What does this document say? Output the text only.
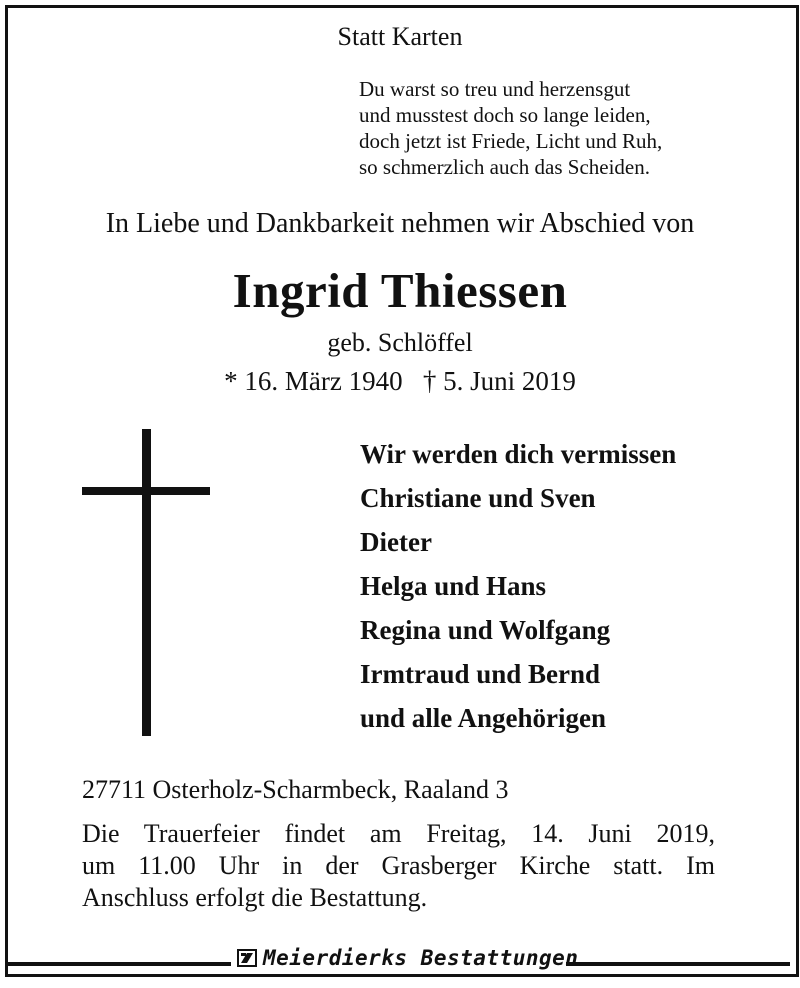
Statt Karten
Du warst so treu und herzensgut
und musstest doch so lange leiden,
doch jetzt ist Friede, Licht und Ruh,
so schmerzlich auch das Scheiden.
In Liebe und Dankbarkeit nehmen wir Abschied von
Ingrid Thiessen
geb. Schlöffel
* 16. März 1940 † 5. Juni 2019
Wir werden dich vermissen
Christiane und Sven
Dieter
Helga und Hans
Regina und Wolfgang
Irmtraud und Bernd
und alle Angehörigen
27711 Osterholz-Scharmbeck, Raaland 3
Die Trauerfeier findet am Freitag, 14. Juni 2019,
um 11.00 Uhr in der Grasberger Kirche statt. Im
Anschluss erfolgt die Bestattung.
Meierdierks Bestattungen
